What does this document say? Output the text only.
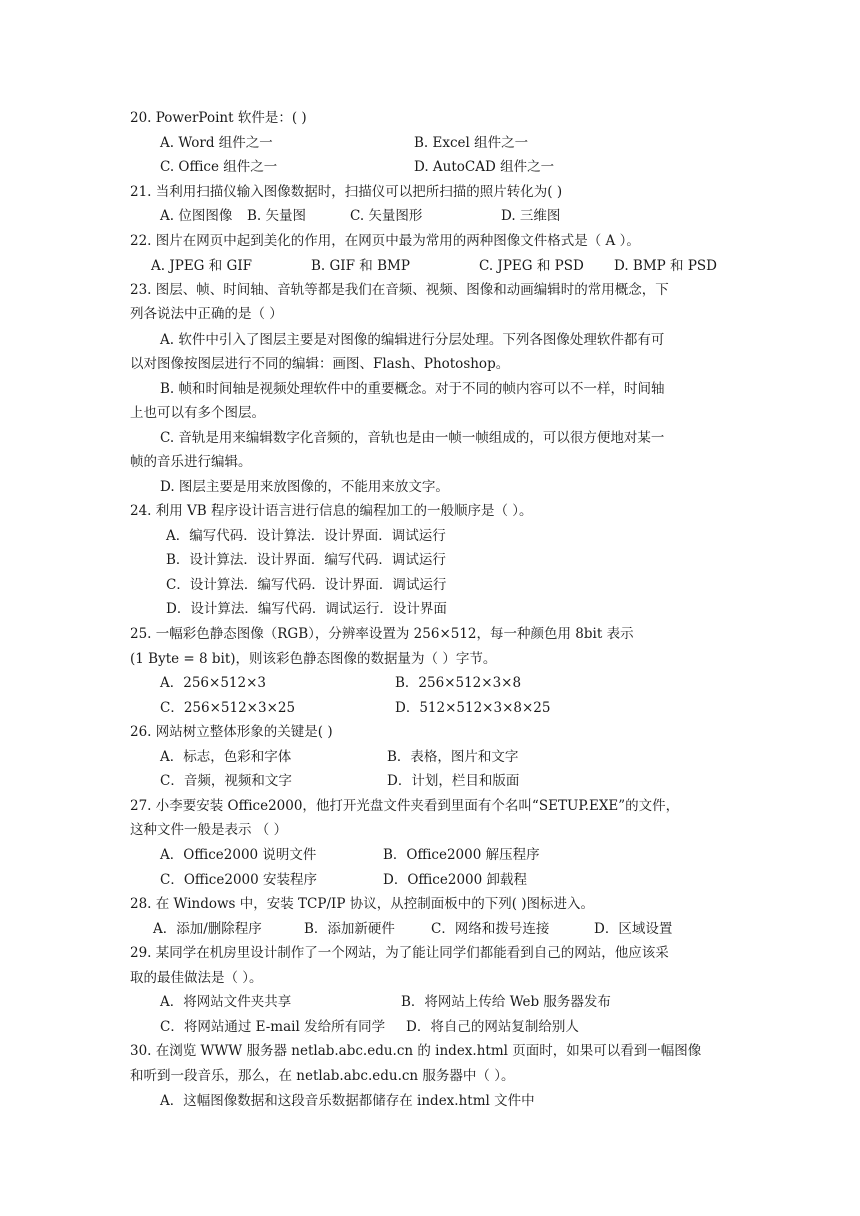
20. PowerPoint 软件是：( )
A. Word 组件之一	B. Excel 组件之一
C. Office 组件之一	D. AutoCAD 组件之一
21. 当利用扫描仪输入图像数据时，扫描仪可以把所扫描的照片转化为( )
A. 位图图像 B. 矢量图	C. 矢量图形	D. 三维图
22. 图片在网页中起到美化的作用，在网页中最为常用的两种图像文件格式是（ A ）。
A. JPEG 和 GIF	B. GIF 和 BMP	C. JPEG 和 PSD D. BMP 和 PSD
23. 图层、帧、时间轴、音轨等都是我们在音频、视频、图像和动画编辑时的常用概念，下
列各说法中正确的是（ ）
A. 软件中引入了图层主要是对图像的编辑进行分层处理。下列各图像处理软件都有可
以对图像按图层进行不同的编辑：画图、Flash、Photoshop。
B. 帧和时间轴是视频处理软件中的重要概念。对于不同的帧内容可以不一样，时间轴
上也可以有多个图层。
C. 音轨是用来编辑数字化音频的，音轨也是由一帧一帧组成的，可以很方便地对某一
帧的音乐进行编辑。
D. 图层主要是用来放图像的，不能用来放文字。
24. 利用 VB 程序设计语言进行信息的编程加工的一般顺序是（ ）。
A．编写代码．设计算法．设计界面．调试运行
B．设计算法．设计界面．编写代码．调试运行
C．设计算法．编写代码．设计界面．调试运行
D．设计算法．编写代码．调试运行．设计界面
25. 一幅彩色静态图像（RGB），分辨率设置为 256×512，每一种颜色用 8bit 表示
(1 Byte = 8 bit)，则该彩色静态图像的数据量为（ ）字节。
A．256×512×3	B．256×512×3×8
C．256×512×3×25	D．512×512×3×8×25
26. 网站树立整体形象的关键是( )
A．标志，色彩和字体	B．表格，图片和文字
C．音频，视频和文字	D．计划，栏目和版面
27. 小李要安装 Office2000，他打开光盘文件夹看到里面有个名叫“SETUP.EXE”的文件，
这种文件一般是表示 （ ）
A．Office2000 说明文件	B．Office2000 解压程序
C．Office2000 安装程序	D．Office2000 卸载程
28. 在 Windows 中，安装 TCP/IP 协议，从控制面板中的下列( )图标进入。
A．添加/删除程序	B．添加新硬件	C．网络和拨号连接	D．区域设置
29. 某同学在机房里设计制作了一个网站，为了能让同学们都能看到自己的网站，他应该采
取的最佳做法是（ ）。
A．将网站文件夹共享	B．将网站上传给 Web 服务器发布
C．将网站通过 E-mail 发给所有同学 D．将自己的网站复制给别人
30. 在浏览 WWW 服务器 netlab.abc.edu.cn 的 index.html 页面时，如果可以看到一幅图像
和听到一段音乐，那么，在 netlab.abc.edu.cn 服务器中（ ）。
A．这幅图像数据和这段音乐数据都储存在 index.html 文件中
